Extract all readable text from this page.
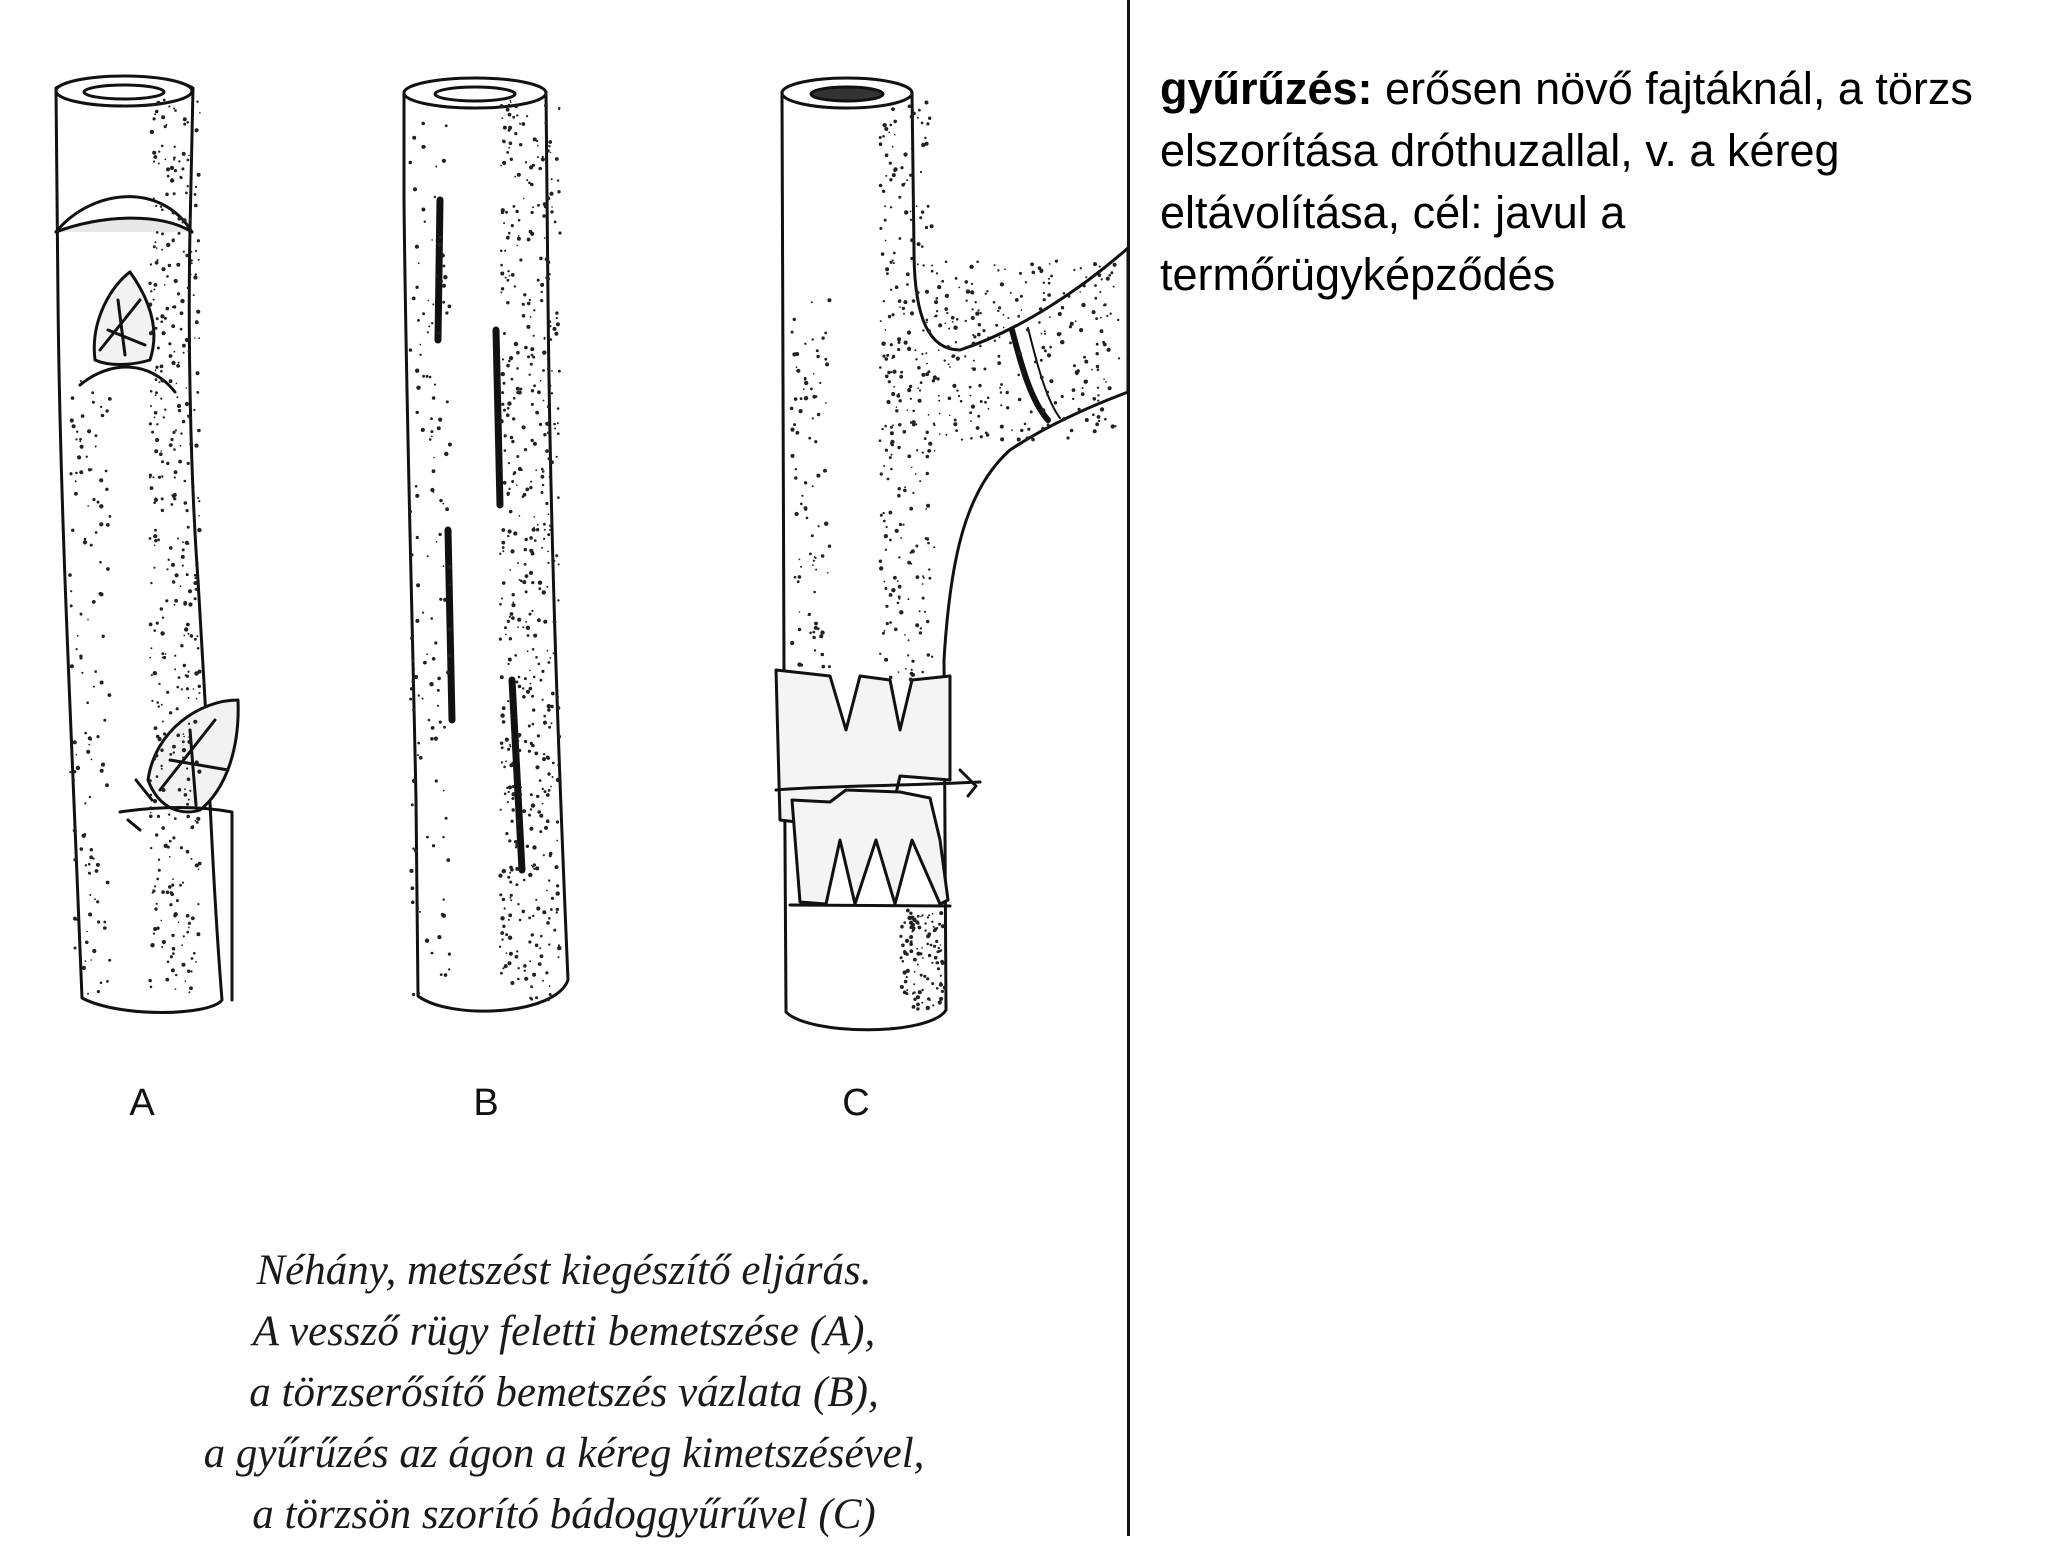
A	B	C
Néhány, metszést kiegészítő eljárás.
A vessző rügy feletti bemetszése (A),
a törzserősítő bemetszés vázlata (B),
a gyűrűzés az ágon a kéreg kimetszésével,
a törzsön szorító bádoggyűrűvel (C)
gyűrűzés: erősen növő fajtáknál, a törzs elszorítása dróthuzallal, v. a kéreg eltávolítása, cél: javul a termőrügyképződés
